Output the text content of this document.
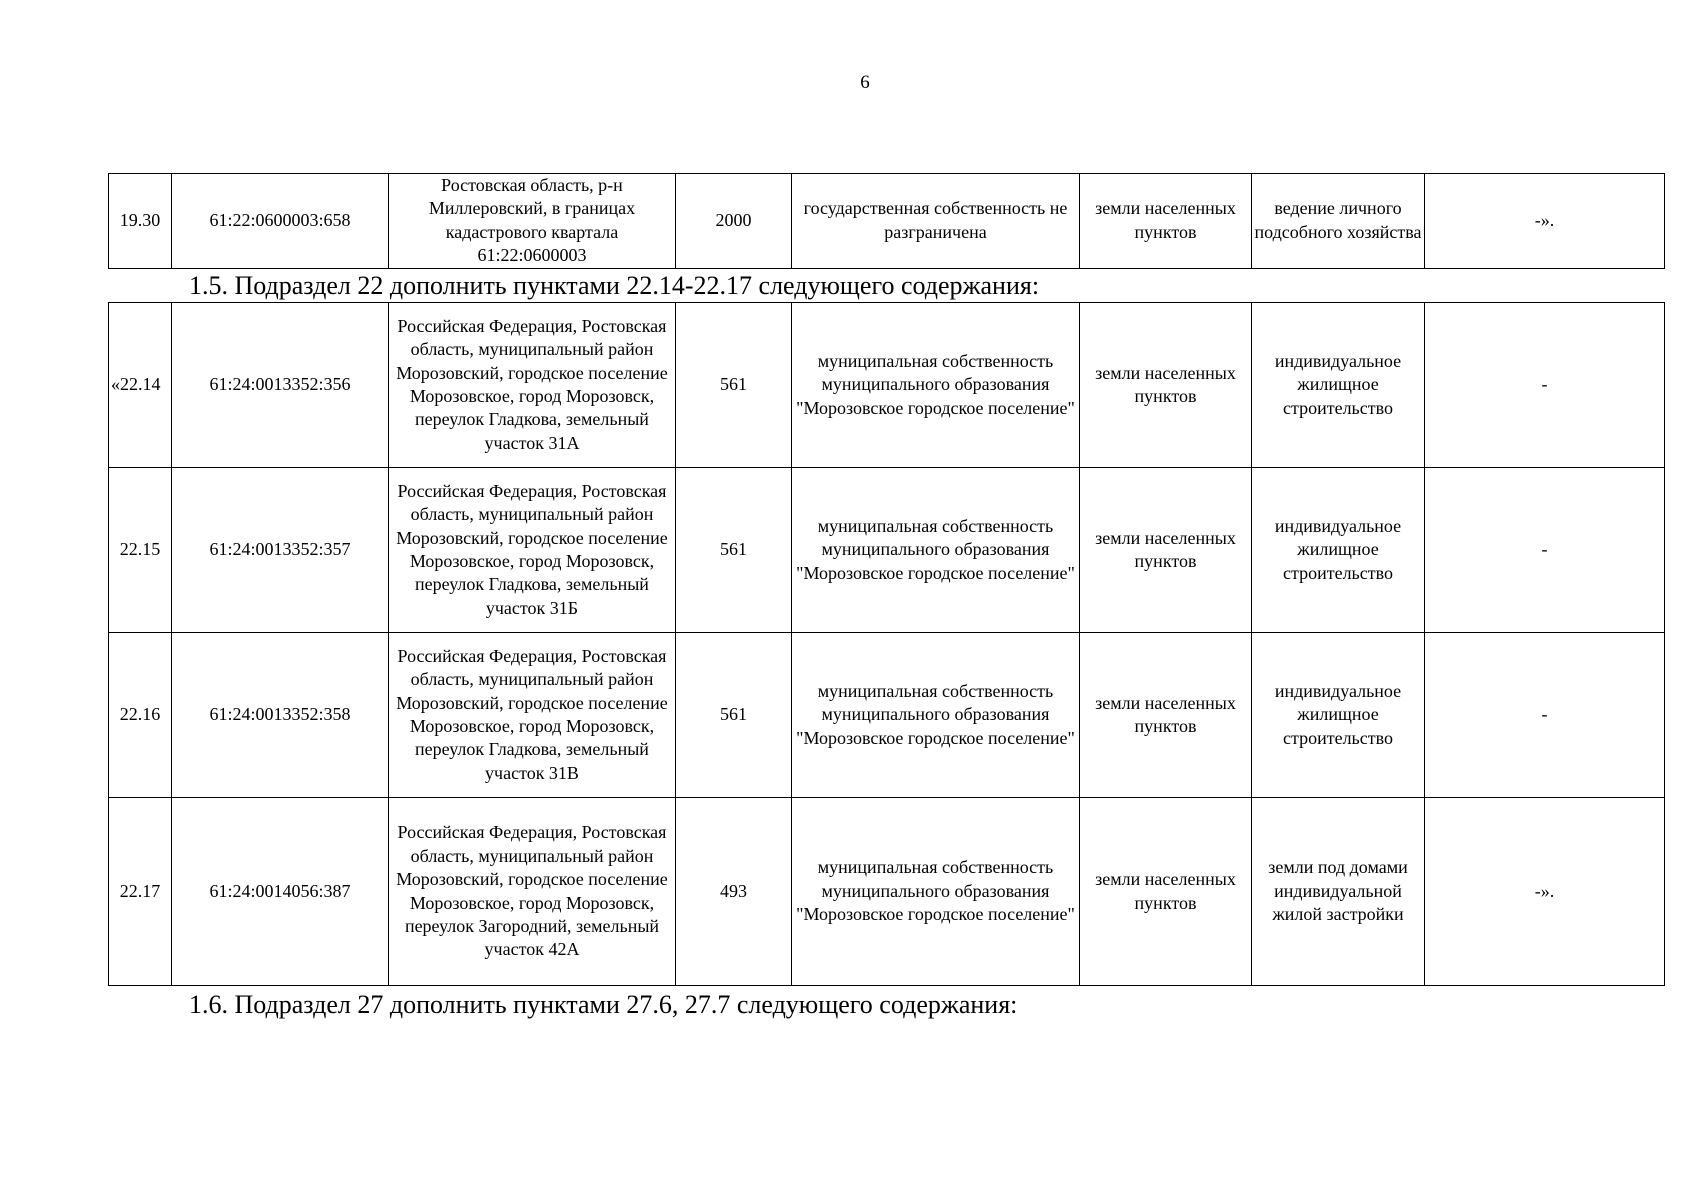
6
19.30	61:22:0600003:658	Ростовская область, р-н Миллеровский, в границах кадастрового квартала 61:22:0600003	2000	государственная собственность не разграничена	земли населенных пунктов	ведение личного подсобного хозяйства	-».
1.5. Подраздел 22 дополнить пунктами 22.14-22.17 следующего содержания:
«22.14	61:24:0013352:356	Российская Федерация, Ростовская область, муниципальный район Морозовский, городское поселение Морозовское, город Морозовск, переулок Гладкова, земельный участок 31А	561	муниципальная собственность муниципального образования "Морозовское городское поселение"	земли населенных пунктов	индивидуальное жилищное строительство	-
22.15	61:24:0013352:357	Российская Федерация, Ростовская область, муниципальный район Морозовский, городское поселение Морозовское, город Морозовск, переулок Гладкова, земельный участок 31Б	561	муниципальная собственность муниципального образования "Морозовское городское поселение"	земли населенных пунктов	индивидуальное жилищное строительство	-
22.16	61:24:0013352:358	Российская Федерация, Ростовская область, муниципальный район Морозовский, городское поселение Морозовское, город Морозовск, переулок Гладкова, земельный участок 31В	561	муниципальная собственность муниципального образования "Морозовское городское поселение"	земли населенных пунктов	индивидуальное жилищное строительство	-
22.17	61:24:0014056:387	Российская Федерация, Ростовская область, муниципальный район Морозовский, городское поселение Морозовское, город Морозовск, переулок Загородний, земельный участок 42А	493	муниципальная собственность муниципального образования "Морозовское городское поселение"	земли населенных пунктов	земли под домами индивидуальной жилой застройки	-».
1.6. Подраздел 27 дополнить пунктами 27.6, 27.7 следующего содержания:
